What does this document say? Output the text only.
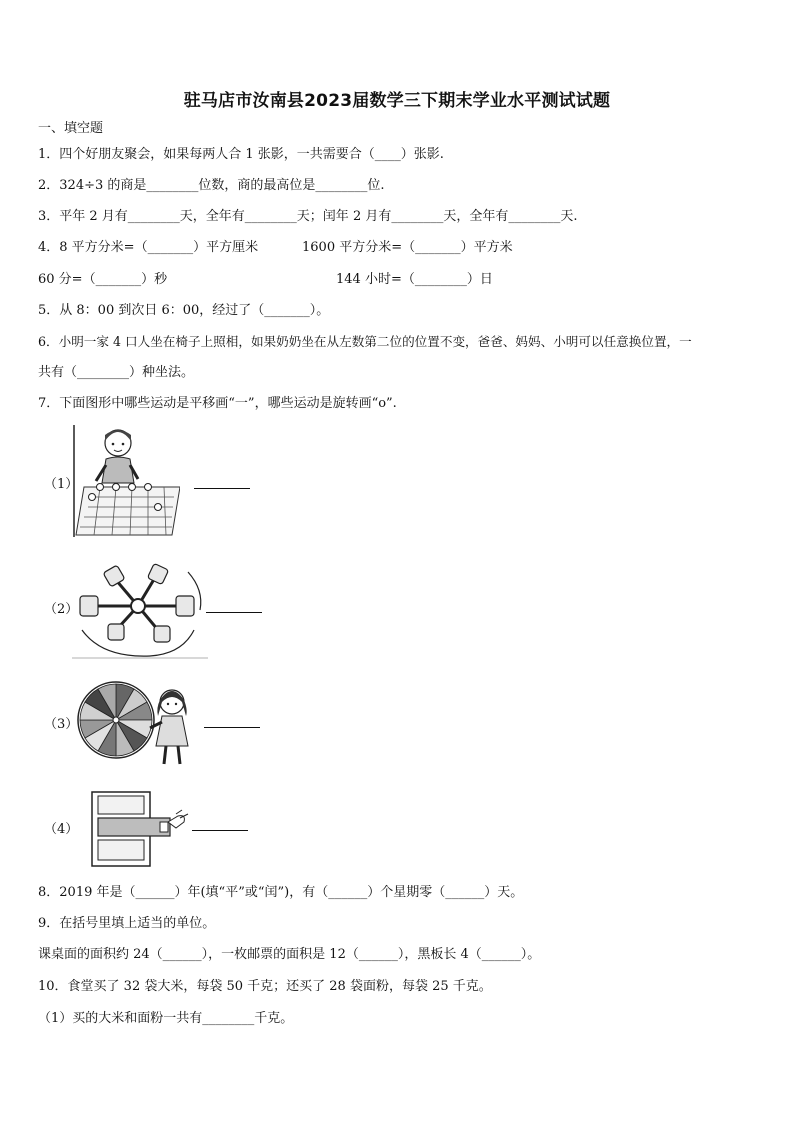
驻马店市汝南县2023届数学三下期末学业水平测试试题
一、填空题
1．四个好朋友聚会，如果每两人合 1 张影，一共需要合（____）张影.
2．324÷3 的商是________位数，商的最高位是________位.
3．平年 2 月有________天，全年有________天；闰年 2 月有________天，全年有________天.
4．8 平方分米=（_______）平方厘米	1600 平方分米=（_______）平方米
60 分=（_______）秒	144 小时=（________）日
5．从 8：00 到次日 6：00，经过了（_______）。
6．小明一家 4 口人坐在椅子上照相，如果奶奶坐在从左数第二位的位置不变，爸爸、妈妈、小明可以任意换位置，一
共有（________）种坐法。
7．下面图形中哪些运动是平移画“一”，哪些运动是旋转画“o”.
（1）
（2）
（3）
（4）
8．2019 年是（______）年(填“平”或“闰”)，有（______）个星期零（______）天。
9．在括号里填上适当的单位。
课桌面的面积约 24（______），一枚邮票的面积是 12（______），黑板长 4（______）。
10．食堂买了 32 袋大米，每袋 50 千克；还买了 28 袋面粉，每袋 25 千克。
（1）买的大米和面粉一共有________千克。
